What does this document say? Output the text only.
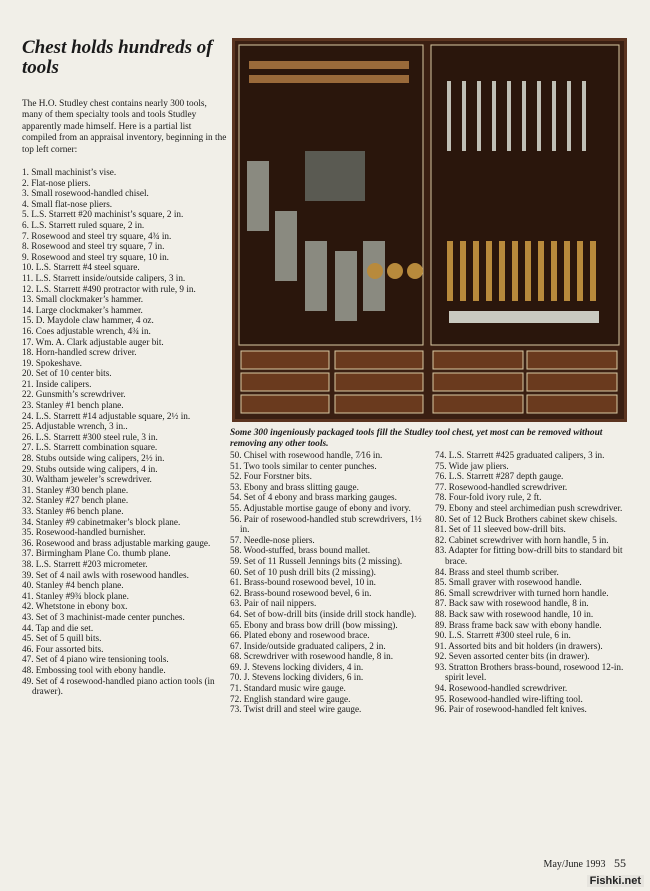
Chest holds hundreds of tools

The H.O. Studley chest contains nearly 300 tools, many of them specialty tools and tools Studley apparently made himself. Here is a partial list compiled from an appraisal inventory, beginning in the top left corner:

1. Small machinist’s vise.
2. Flat-nose pliers.
3. Small rosewood-handled chisel.
4. Small flat-nose pliers.
5. L.S. Starrett #20 machinist’s square, 2 in.
6. L.S. Starrett ruled square, 2 in.
7. Rosewood and steel try square, 4¾ in.
8. Rosewood and steel try square, 7 in.
9. Rosewood and steel try square, 10 in.
10. L.S. Starrett #4 steel square.
11. L.S. Starrett inside/outside calipers, 3 in.
12. L.S. Starrett #490 protractor with rule, 9 in.
13. Small clockmaker’s hammer.
14. Large clockmaker’s hammer.
15. D. Maydole claw hammer, 4 oz.
16. Coes adjustable wrench, 4¾ in.
17. Wm. A. Clark adjustable auger bit.
18. Horn-handled screw driver.
19. Spokeshave.
20. Set of 10 center bits.
21. Inside calipers.
22. Gunsmith’s screwdriver.
23. Stanley #1 bench plane.
24. L.S. Starrett #14 adjustable square, 2½ in.
25. Adjustable wrench, 3 in..
26. L.S. Starrett #300 steel rule, 3 in.
27. L.S. Starrett combination square.
28. Stubs outside wing calipers, 2½ in.
29. Stubs outside wing calipers, 4 in.
30. Waltham jeweler’s screwdriver.
31. Stanley #30 bench plane.
32. Stanley #27 bench plane.
33. Stanley #6 bench plane.
34. Stanley #9 cabinetmaker’s block plane.
35. Rosewood-handled burnisher.
36. Rosewood and brass adjustable marking gauge.
37. Birmingham Plane Co. thumb plane.
38. L.S. Starrett #203 micrometer.
39. Set of 4 nail awls with rosewood handles.
40. Stanley #4 bench plane.
41. Stanley #9¾ block plane.
42. Whetstone in ebony box.
43. Set of 3 machinist-made center punches.
44. Tap and die set.
45. Set of 5 quill bits.
46. Four assorted bits.
47. Set of 4 piano wire tensioning tools.
48. Embossing tool with ebony handle.
49. Set of 4 rosewood-handled piano action tools (in drawer).
50. Chisel with rosewood handle, 7⁄16 in.
51. Two tools similar to center punches.
52. Four Forstner bits.
53. Ebony and brass slitting gauge.
54. Set of 4 ebony and brass marking gauges.
55. Adjustable mortise gauge of ebony and ivory.
56. Pair of rosewood-handled stub screwdrivers, 1½ in.
57. Needle-nose pliers.
58. Wood-stuffed, brass bound mallet.
59. Set of 11 Russell Jennings bits (2 missing).
60. Set of 10 push drill bits (2 missing).
61. Brass-bound rosewood bevel, 10 in.
62. Brass-bound rosewood bevel, 6 in.
63. Pair of nail nippers.
64. Set of bow-drill bits (inside drill stock handle).
65. Ebony and brass bow drill (bow missing).
66. Plated ebony and rosewood brace.
67. Inside/outside graduated calipers, 2 in.
68. Screwdriver with rosewood handle, 8 in.
69. J. Stevens locking dividers, 4 in.
70. J. Stevens locking dividers, 6 in.
71. Standard music wire gauge.
72. English standard wire gauge.
73. Twist drill and steel wire gauge.
74. L.S. Starrett #425 graduated calipers, 3 in.
75. Wide jaw pliers.
76. L.S. Starrett #287 depth gauge.
77. Rosewood-handled screwdriver.
78. Four-fold ivory rule, 2 ft.
79. Ebony and steel archimedian push screwdriver.
80. Set of 12 Buck Brothers cabinet skew chisels.
81. Set of 11 sleeved bow-drill bits.
82. Cabinet screwdriver with horn handle, 5 in.
83. Adapter for fitting bow-drill bits to standard bit brace.
84. Brass and steel thumb scriber.
85. Small graver with rosewood handle.
86. Small screwdriver with turned horn handle.
87. Back saw with rosewood handle, 8 in.
88. Back saw with rosewood handle, 10 in.
89. Brass frame back saw with ebony handle.
90. L.S. Starrett #300 steel rule, 6 in.
91. Assorted bits and bit holders (in drawers).
92. Seven assorted center bits (in drawer).
93. Stratton Brothers brass-bound, rosewood 12-in. spirit level.
94. Rosewood-handled screwdriver.
95. Rosewood-handled wire-lifting tool.
96. Pair of rosewood-handled felt knives.

Some 300 ingeniously packaged tools fill the Studley tool chest, yet most can be removed without removing any other tools.

May/June 1993 55

Fishki.net
